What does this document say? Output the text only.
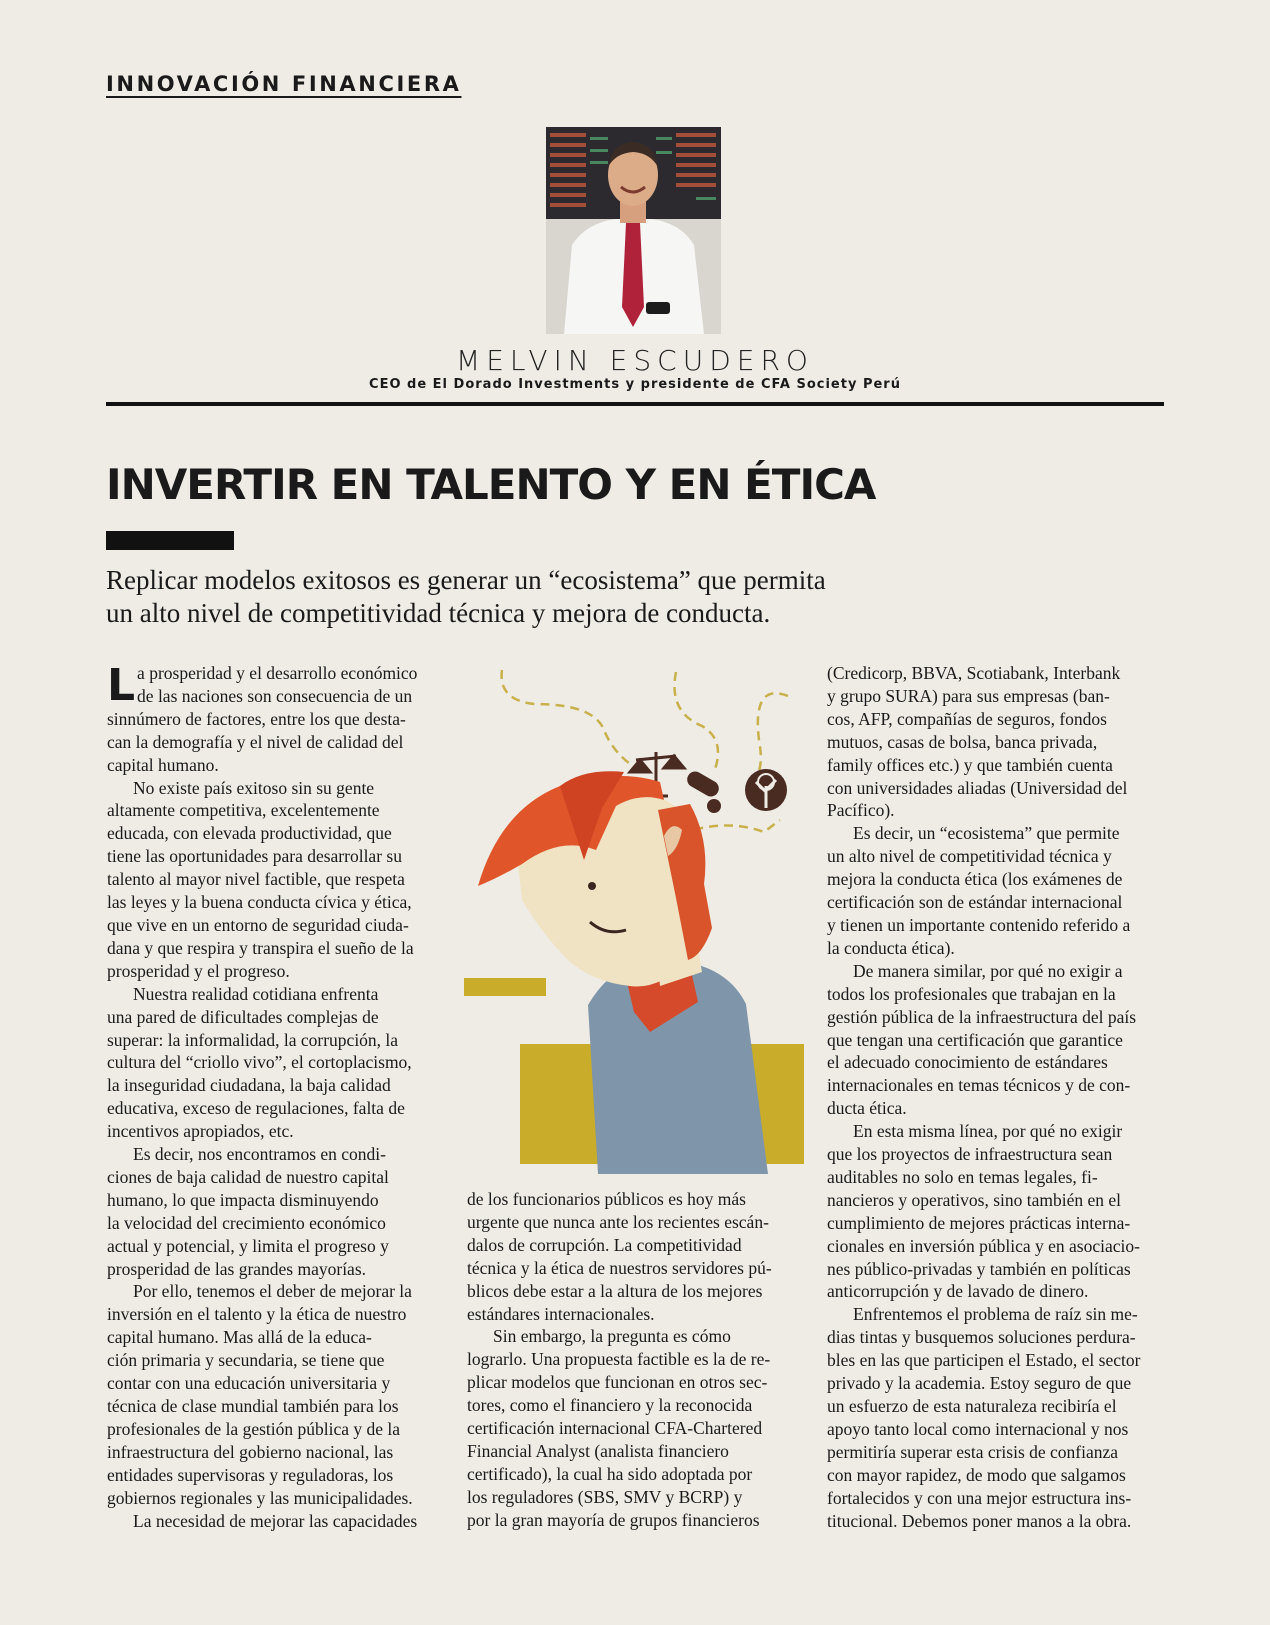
INNOVACIÓN FINANCIERA
MELVIN ESCUDERO
CEO de El Dorado Investments y presidente de CFA Society Perú
INVERTIR EN TALENTO Y EN ÉTICA

Replicar modelos exitosos es generar un “ecosistema” que permita
un alto nivel de competitividad técnica y mejora de conducta.

L a prosperidad y el desarrollo económico

de las naciones son consecuencia de un

sinnúmero de factores, entre los que desta-

can la demografía y el nivel de calidad del

capital humano.

No existe país exitoso sin su gente

altamente competitiva, excelentemente

educada, con elevada productividad, que

tiene las oportunidades para desarrollar su

talento al mayor nivel factible, que respeta

las leyes y la buena conducta cívica y ética,

que vive en un entorno de seguridad ciuda-

dana y que respira y transpira el sueño de la

prosperidad y el progreso.

Nuestra realidad cotidiana enfrenta

una pared de dificultades complejas de

superar: la informalidad, la corrupción, la

cultura del “criollo vivo”, el cortoplacismo,

la inseguridad ciudadana, la baja calidad

educativa, exceso de regulaciones, falta de

incentivos apropiados, etc.

Es decir, nos encontramos en condi-

ciones de baja calidad de nuestro capital

humano, lo que impacta disminuyendo

la velocidad del crecimiento económico

actual y potencial, y limita el progreso y

prosperidad de las grandes mayorías.

Por ello, tenemos el deber de mejorar la

inversión en el talento y la ética de nuestro

capital humano. Mas allá de la educa-

ción primaria y secundaria, se tiene que

contar con una educación universitaria y

técnica de clase mundial también para los

profesionales de la gestión pública y de la

infraestructura del gobierno nacional, las

entidades supervisoras y reguladoras, los

gobiernos regionales y las municipalidades.

La necesidad de mejorar las capacidades

de los funcionarios públicos es hoy más

urgente que nunca ante los recientes escán-

dalos de corrupción. La competitividad

técnica y la ética de nuestros servidores pú-

blicos debe estar a la altura de los mejores

estándares internacionales.

Sin embargo, la pregunta es cómo

lograrlo. Una propuesta factible es la de re-

plicar modelos que funcionan en otros sec-

tores, como el financiero y la reconocida

certificación internacional CFA-Chartered

Financial Analyst (analista financiero

certificado), la cual ha sido adoptada por

los reguladores (SBS, SMV y BCRP) y

por la gran mayoría de grupos financieros

(Credicorp, BBVA, Scotiabank, Interbank

y grupo SURA) para sus empresas (ban-

cos, AFP, compañías de seguros, fondos

mutuos, casas de bolsa, banca privada,

family offices etc.) y que también cuenta

con universidades aliadas (Universidad del

Pacífico).

Es decir, un “ecosistema” que permite

un alto nivel de competitividad técnica y

mejora la conducta ética (los exámenes de

certificación son de estándar internacional

y tienen un importante contenido referido a

la conducta ética).

De manera similar, por qué no exigir a

todos los profesionales que trabajan en la

gestión pública de la infraestructura del país

que tengan una certificación que garantice

el adecuado conocimiento de estándares

internacionales en temas técnicos y de con-

ducta ética.

En esta misma línea, por qué no exigir

que los proyectos de infraestructura sean

auditables no solo en temas legales, fi-

nancieros y operativos, sino también en el

cumplimiento de mejores prácticas interna-

cionales en inversión pública y en asociacio-

nes público-privadas y también en políticas

anticorrupción y de lavado de dinero.

Enfrentemos el problema de raíz sin me-

dias tintas y busquemos soluciones perdura-

bles en las que participen el Estado, el sector

privado y la academia. Estoy seguro de que

un esfuerzo de esta naturaleza recibiría el

apoyo tanto local como internacional y nos

permitiría superar esta crisis de confianza

con mayor rapidez, de modo que salgamos

fortalecidos y con una mejor estructura ins-

titucional. Debemos poner manos a la obra.
